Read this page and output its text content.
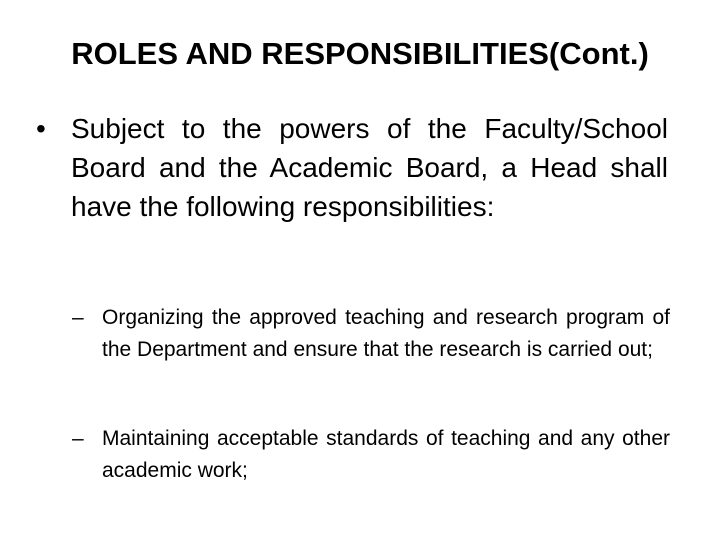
ROLES AND RESPONSIBILITIES(Cont.)
• Subject to the powers of the Faculty/School Board and the Academic Board, a Head shall have the following responsibilities:

– Organizing the approved teaching and research program of the Department and ensure that the research is carried out;

– Maintaining acceptable standards of teaching and any other academic work;
